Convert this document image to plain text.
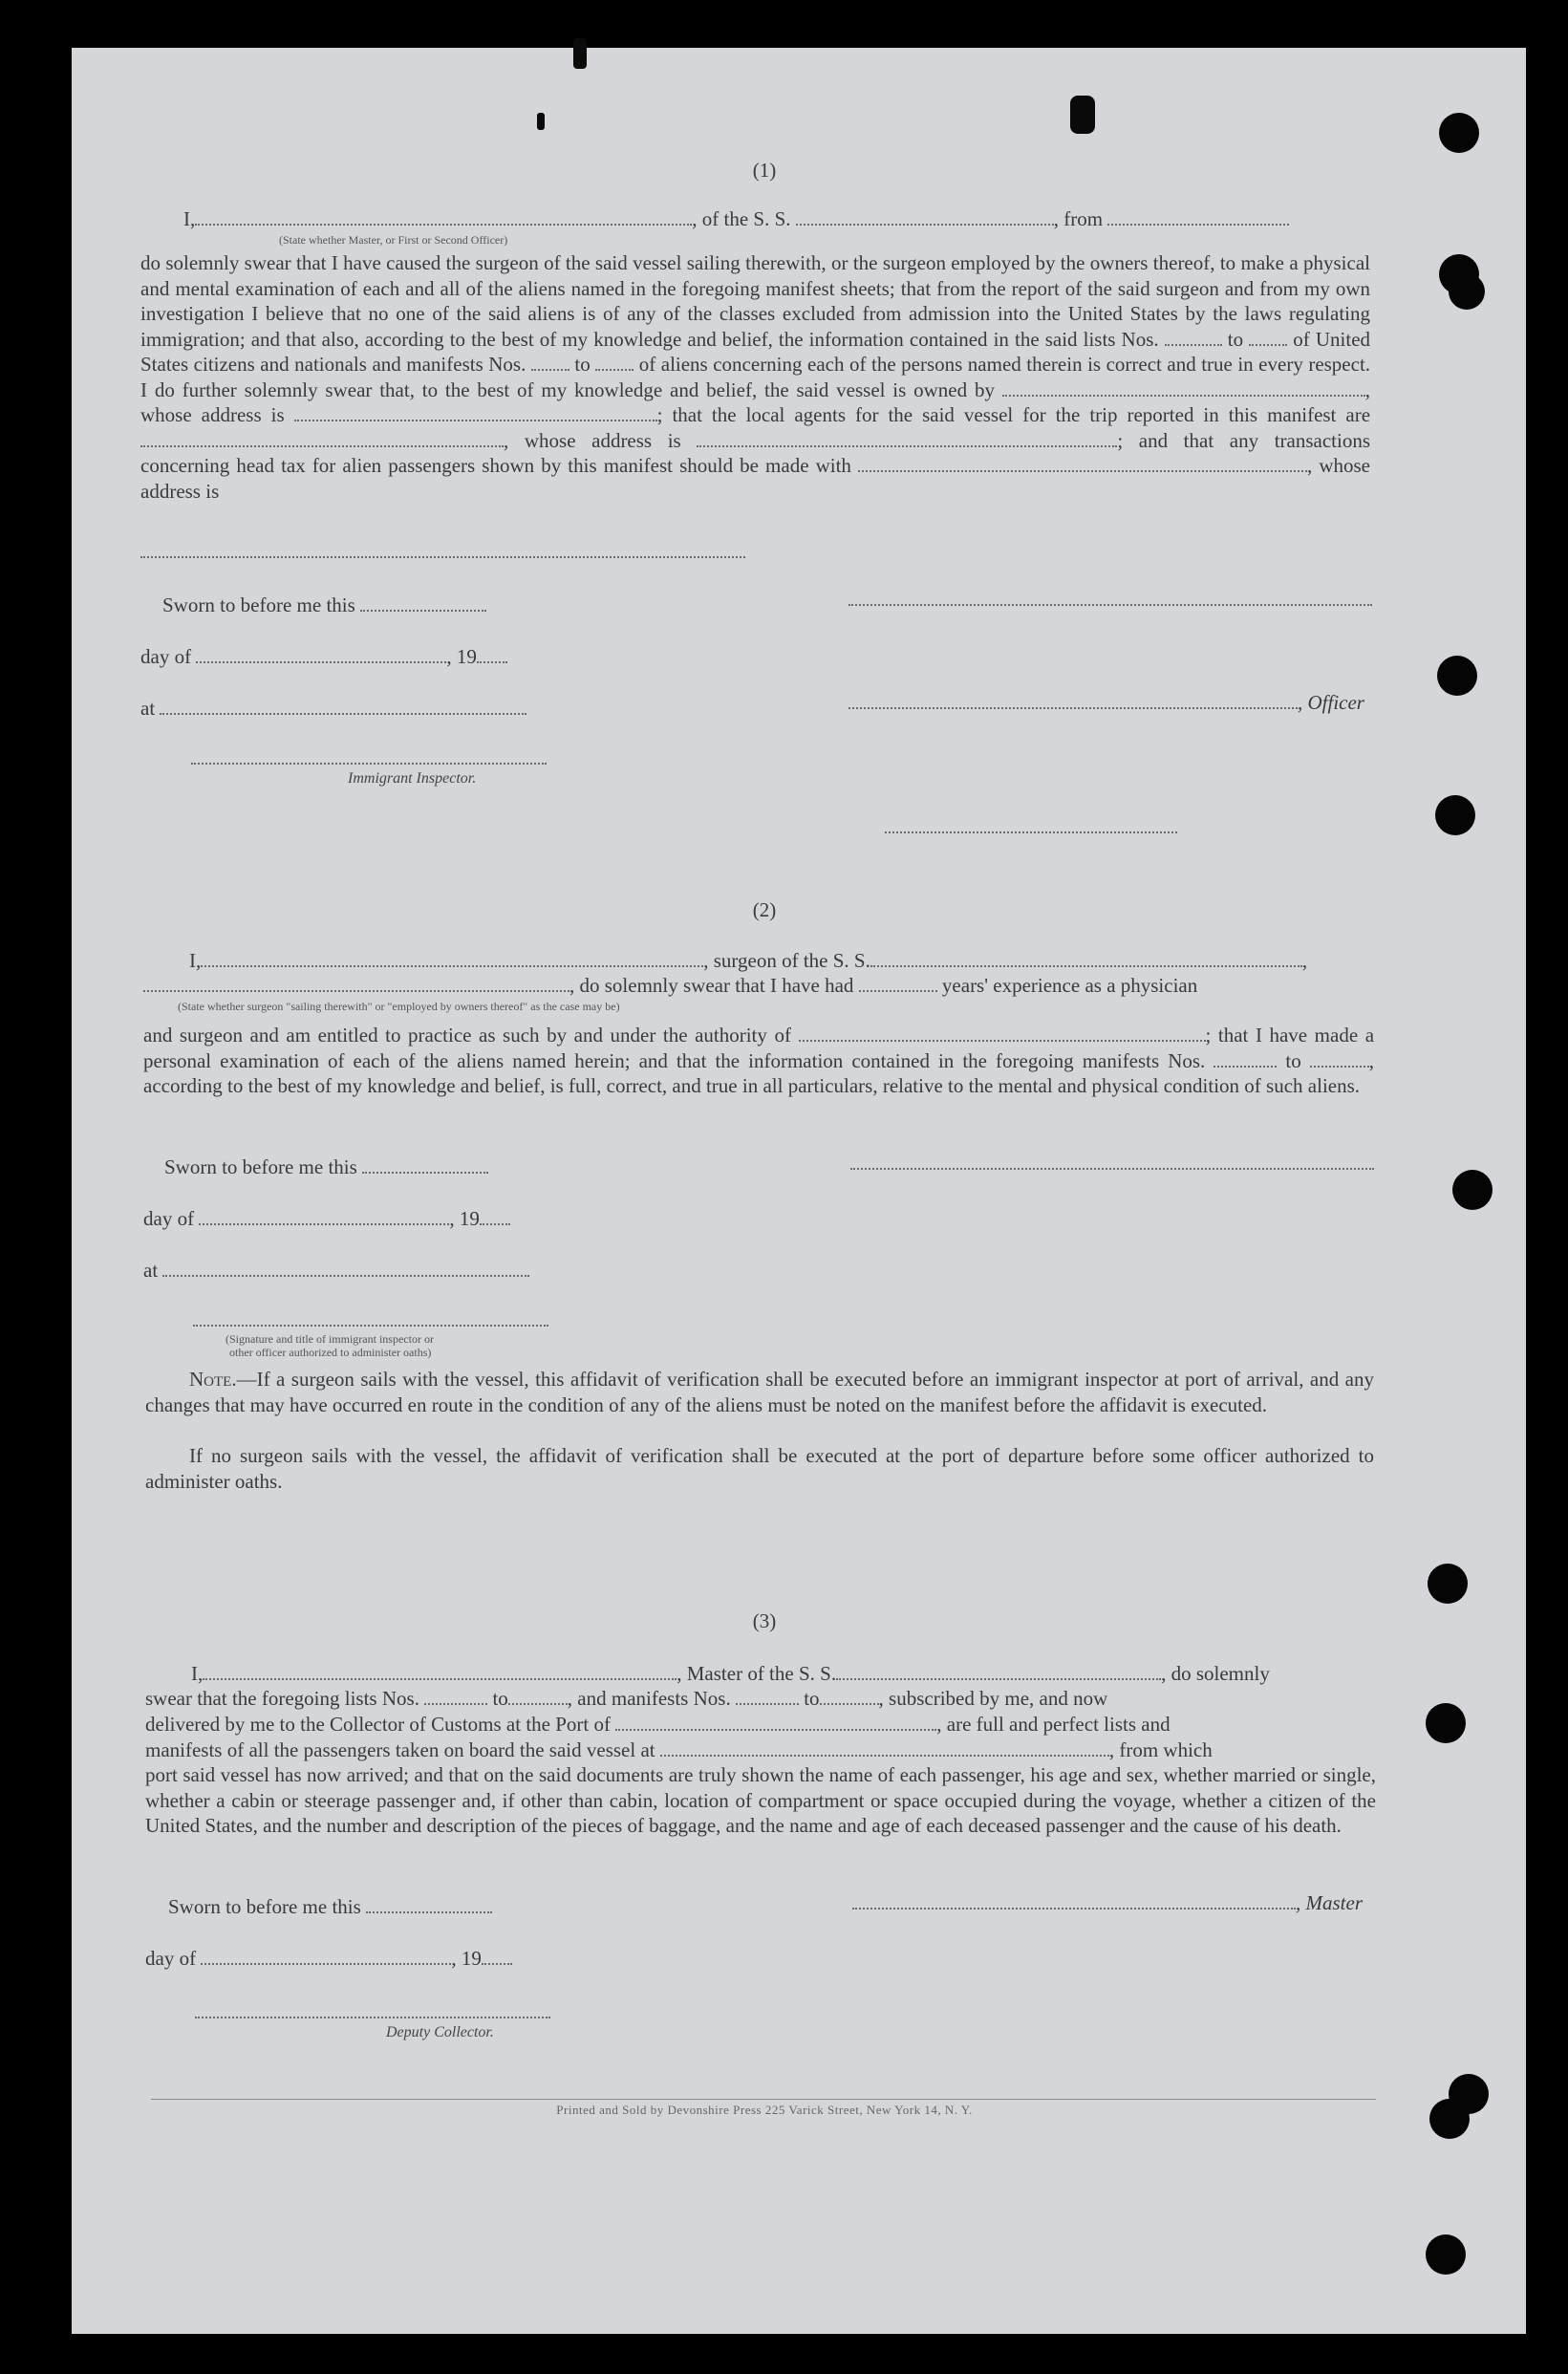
(1)
I,	, of the S. S.	, from
(State whether Master, or First or Second Officer)
do solemnly swear that I have caused the surgeon of the said vessel sailing therewith, or the surgeon employed by the owners thereof, to make a physical and mental examination of each and all of the aliens named in the foregoing manifest sheets; that from the report of the said surgeon and from my own investigation I believe that no one of the said aliens is of any of the classes excluded from admission into the United States by the laws regulating immigration; and that also, according to the best of my knowledge and belief, the information contained in the said lists Nos.	to of United States citizens and nationals and manifests Nos. to of aliens concerning each of the persons named therein is correct and true in every respect. I do further solemnly swear that, to the best of my knowledge and belief, the said vessel is owned by	, whose address is	; that the local agents for the said vessel for the trip reported in this manifest are , whose address is	; and that any transactions concerning head tax for alien passengers shown by this manifest should be made with	, whose address is
Sworn to before me this
day of	, 19
at	, Officer
Immigrant Inspector.
(2)
I,	, surgeon of the S. S.	,
, do solemnly swear that I have had	years' experience as a physician
(State whether surgeon "sailing therewith" or "employed by owners thereof" as the case may be)
and surgeon and am entitled to practice as such by and under the authority of	; that I have made a personal examination of each of the aliens named herein; and that the information contained in the foregoing manifests Nos.	to	, according to the best of my knowledge and belief, is full, correct, and true in all particulars, relative to the mental and physical condition of such aliens.
Sworn to before me this
day of	, 19
at
(Signature and title of immigrant inspector or
other officer authorized to administer oaths)
Note.—If a surgeon sails with the vessel, this affidavit of verification shall be executed before an immigrant inspector at port of arrival, and any changes that may have occurred en route in the condition of any of the aliens must be noted on the manifest before the affidavit is executed.
If no surgeon sails with the vessel, the affidavit of verification shall be executed at the port of departure before some officer authorized to administer oaths.
(3)
I,	, Master of the S. S.	, do solemnly
swear that the foregoing lists Nos.	to	, and manifests Nos.	to	, subscribed by me, and now
delivered by me to the Collector of Customs at the Port of	, are full and perfect lists and
manifests of all the passengers taken on board the said vessel at	, from which
port said vessel has now arrived; and that on the said documents are truly shown the name of each passenger, his age and sex, whether married or single, whether a cabin or steerage passenger and, if other than cabin, location of compartment or space occupied during the voyage, whether a citizen of the United States, and the number and description of the pieces of baggage, and the name and age of each deceased passenger and the cause of his death.
Sworn to before me this	, Master
day of	, 19
Deputy Collector.
Printed and Sold by Devonshire Press 225 Varick Street, New York 14, N. Y.
